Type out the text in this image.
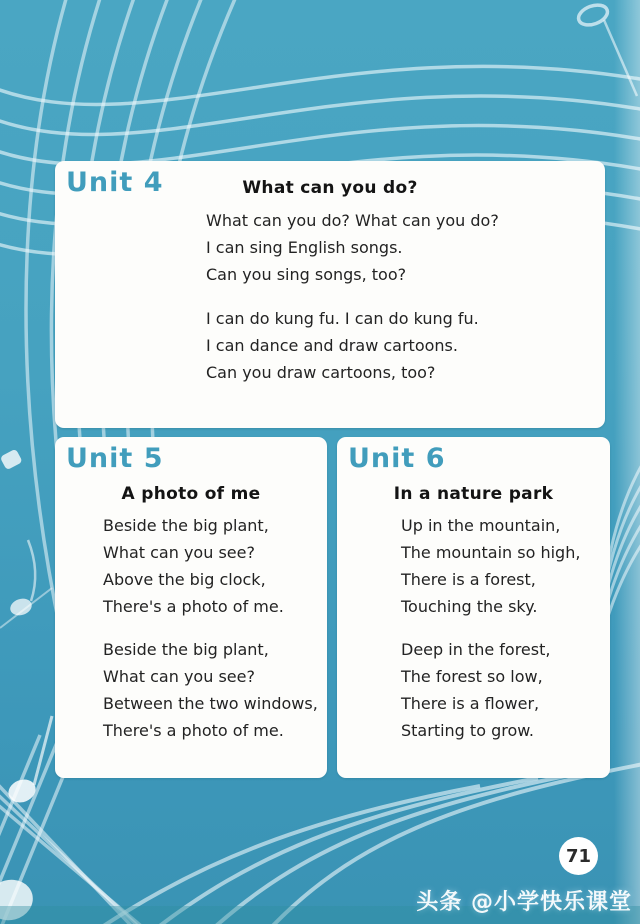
Unit 4	What can you do?
What can you do? What can you do?
I can sing English songs.
Can you sing songs, too?
I can do kung fu. I can do kung fu.
I can dance and draw cartoons.
Can you draw cartoons, too?
Unit 5
A photo of me
Beside the big plant,
What can you see?
Above the big clock,
There's a photo of me.
Beside the big plant,
What can you see?
Between the two windows,
There's a photo of me.
Unit 6
In a nature park
Up in the mountain,
The mountain so high,
There is a forest,
Touching the sky.
Deep in the forest,
The forest so low,
There is a flower,
Starting to grow.
71
头条 @小学快乐课堂
